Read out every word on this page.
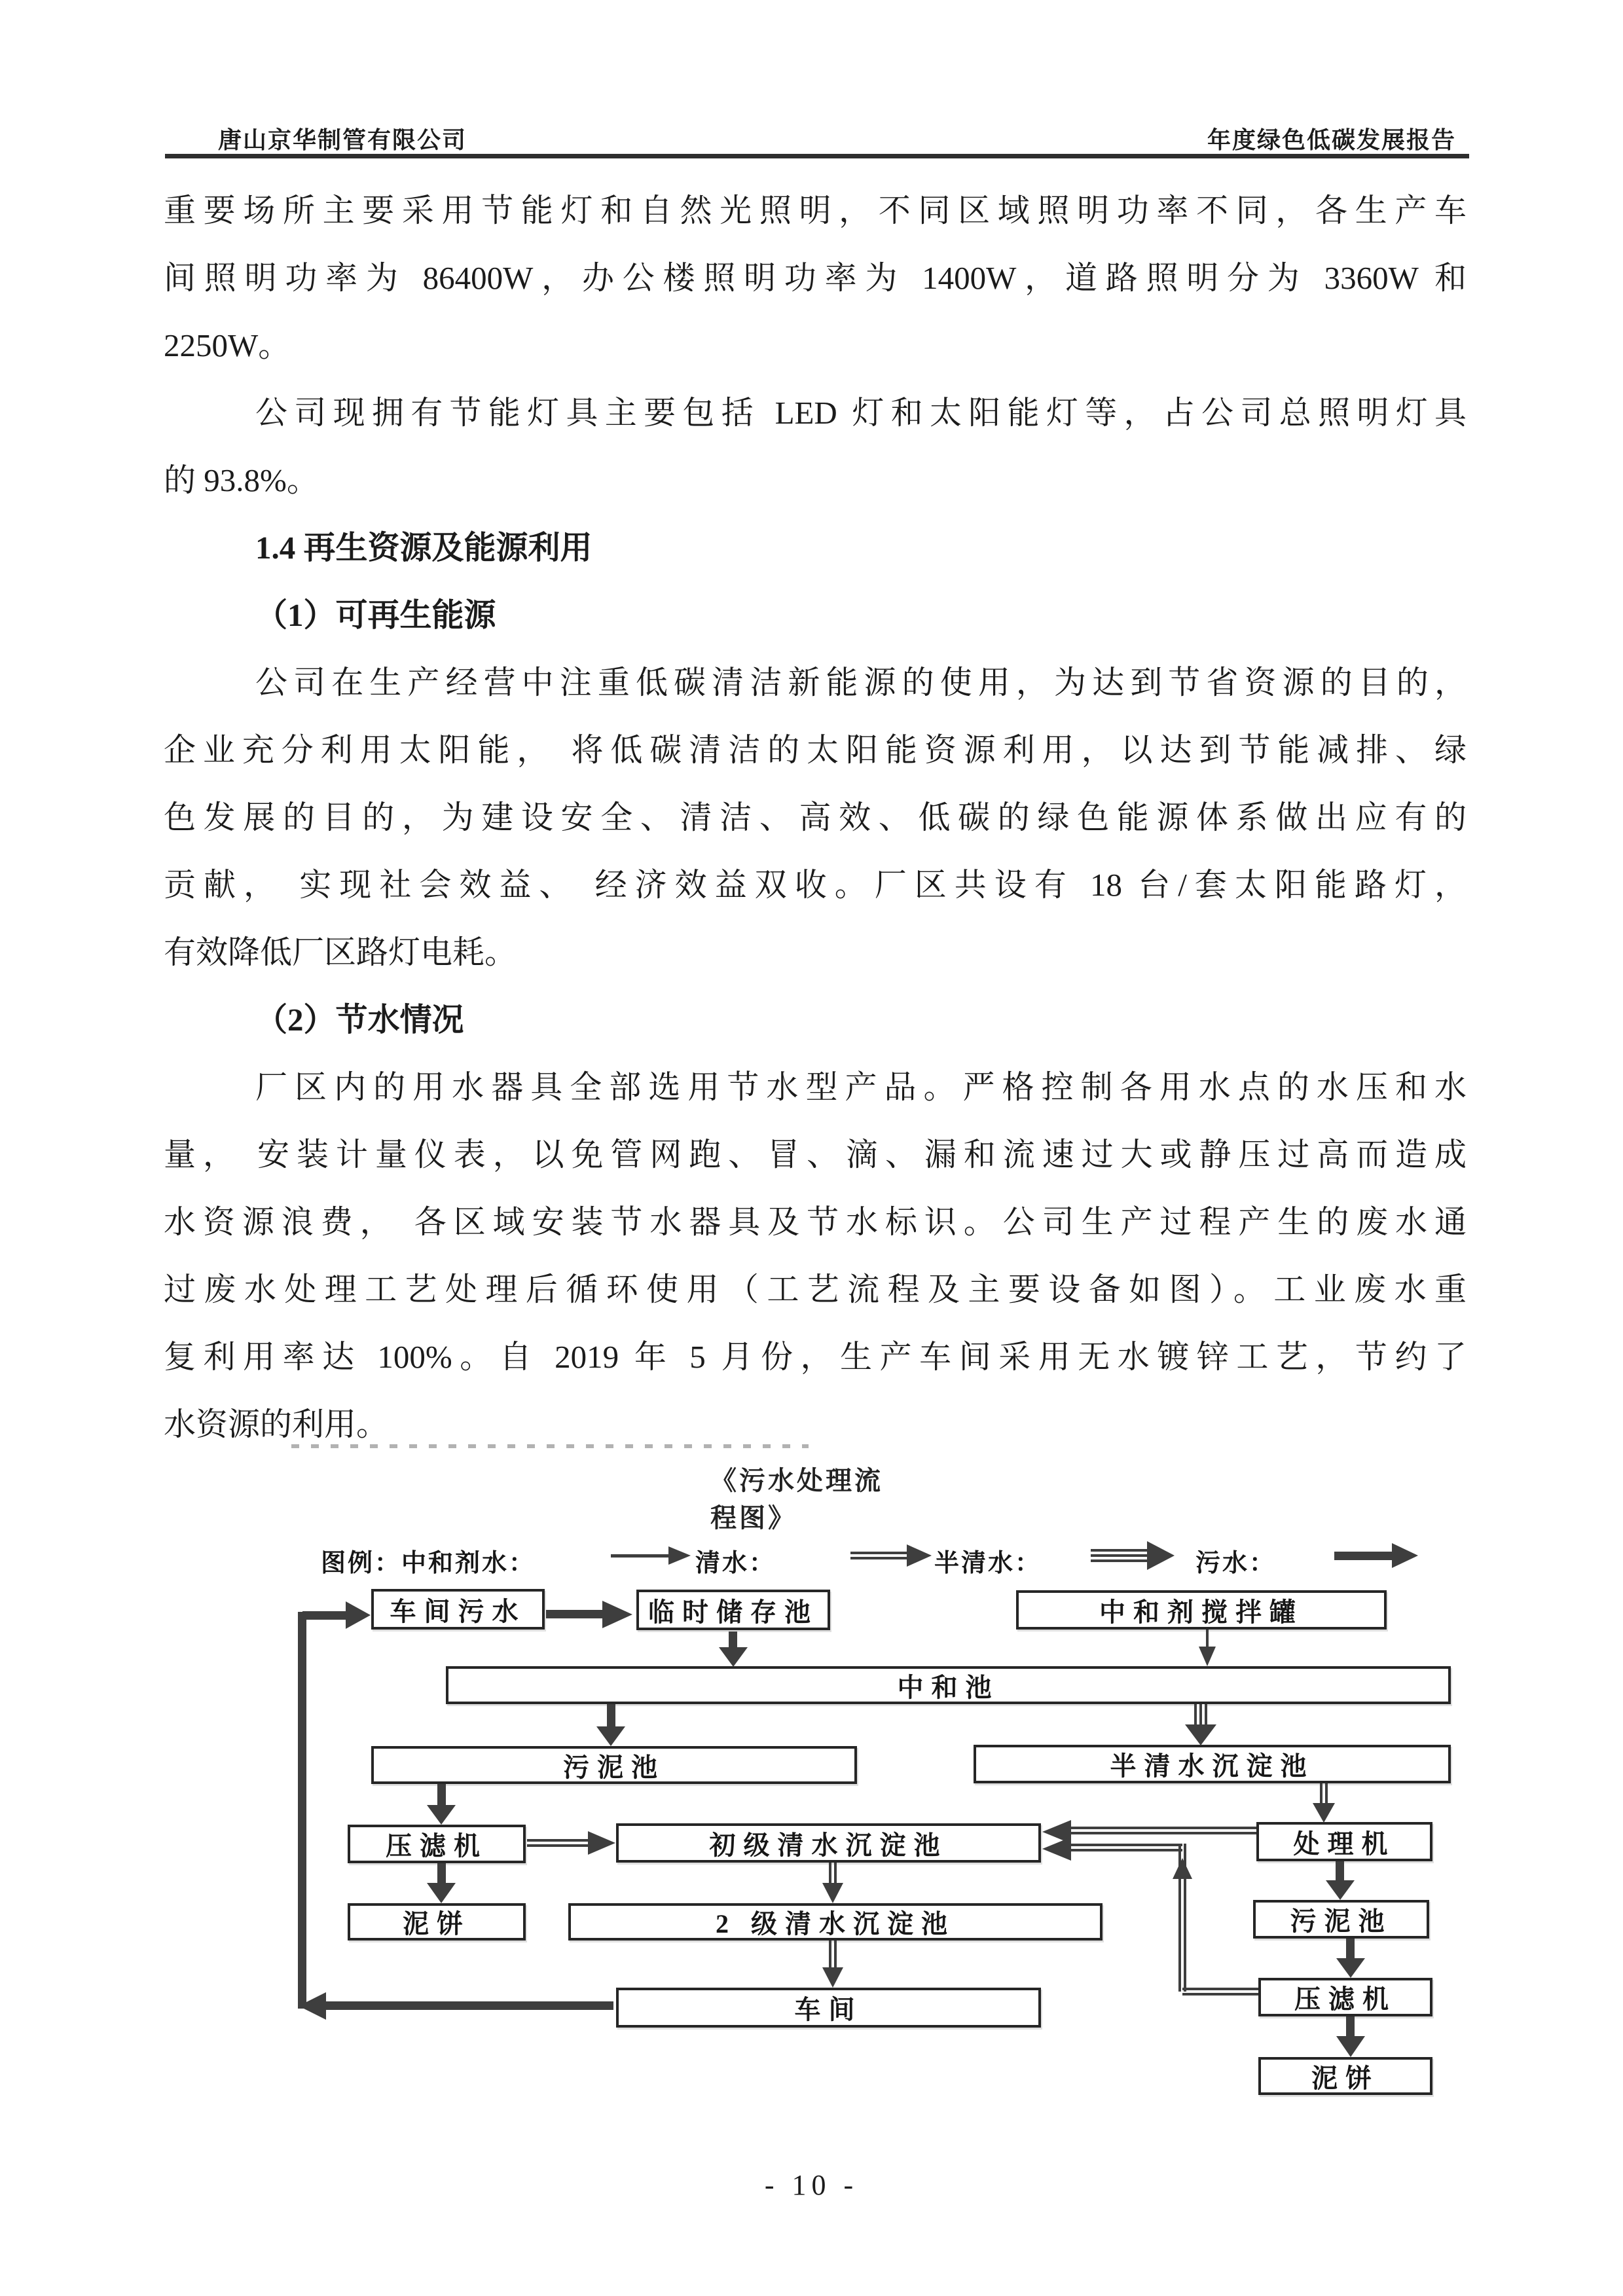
唐山京华制管有限公司	年度绿色低碳发展报告
重要场所主要采用节能灯和自然光照明，不同区域照明功率不同，各生产车
间照明功率为 86400W，办公楼照明功率为 1400W，道路照明分为 3360W 和
2250W。
公司现拥有节能灯具主要包括 LED 灯和太阳能灯等，占公司总照明灯具
的 93.8%。
1.4 再生资源及能源利用
（1）可再生能源
公司在生产经营中注重低碳清洁新能源的使用，为达到节省资源的目的，
企业充分利用太阳能， 将低碳清洁的太阳能资源利用，以达到节能减排、绿
色发展的目的，为建设安全、清洁、高效、低碳的绿色能源体系做出应有的
贡献， 实现社会效益、 经济效益双收。厂区共设有 18 台/套太阳能路灯，
有效降低厂区路灯电耗。
（2）节水情况
厂区内的用水器具全部选用节水型产品。严格控制各用水点的水压和水
量， 安装计量仪表，以免管网跑、冒、滴、漏和流速过大或静压过高而造成
水资源浪费， 各区域安装节水器具及节水标识。公司生产过程产生的废水通
过废水处理工艺处理后循环使用（工艺流程及主要设备如图）。工业废水重
复利用率达 100%。自 2019 年 5 月份，生产车间采用无水镀锌工艺，节约了
水资源的利用。
《污水处理流程图》
图例：中和剂水：	清水：	半清水：	污水：
车间污水	临时储存池	中和剂搅拌罐
中和池
污泥池	半清水沉淀池
压滤机	初级清水沉淀池	处理机
泥饼	2 级清水沉淀池	污泥池
车间	压滤机
泥饼
- 10 -
